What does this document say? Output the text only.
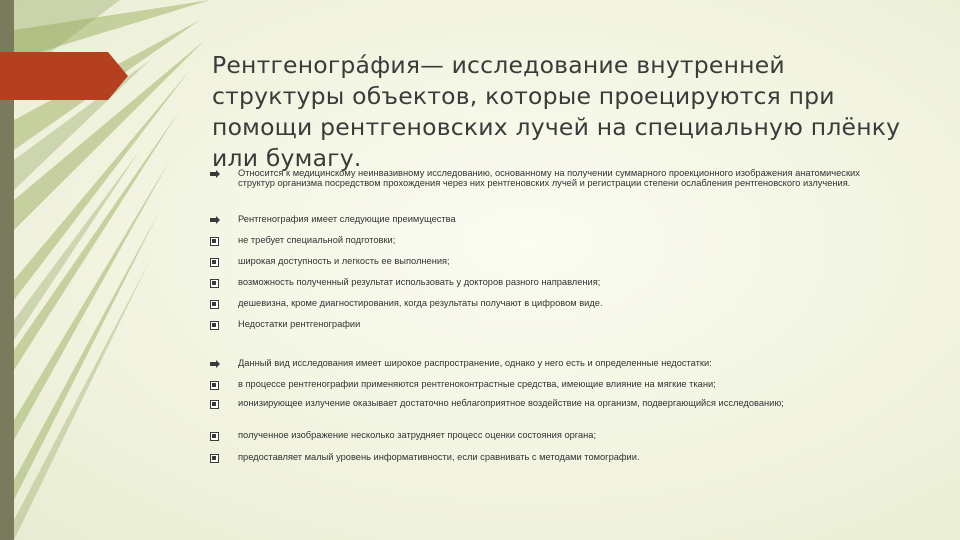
Рентгеногра́фия— исследование внутренней структуры объектов, которые проецируются при помощи рентгеновских лучей на специальную плёнку или бумагу.
Относится к медицинскому неинвазивному исследованию, основанному на получении суммарного проекционного изображения анатомических структур организма посредством прохождения через них рентгеновских лучей и регистрации степени ослабления рентгеновского излучения.
Рентгенография имеет следующие преимущества
не требует специальной подготовки;
широкая доступность и легкость ее выполнения;
возможность полученный результат использовать у докторов разного направления;
дешевизна, кроме диагностирования, когда результаты получают в цифровом виде.
Недостатки рентгенографии
Данный вид исследования имеет широкое распространение, однако у него есть и определенные недостатки:
в процессе рентгенографии применяются рентгеноконтрастные средства, имеющие влияние на мягкие ткани;
ионизирующее излучение оказывает достаточно неблагоприятное воздействие на организм, подвергающийся исследованию;
полученное изображение несколько затрудняет процесс оценки состояния органа;
предоставляет малый уровень информативности, если сравнивать с методами томографии.
